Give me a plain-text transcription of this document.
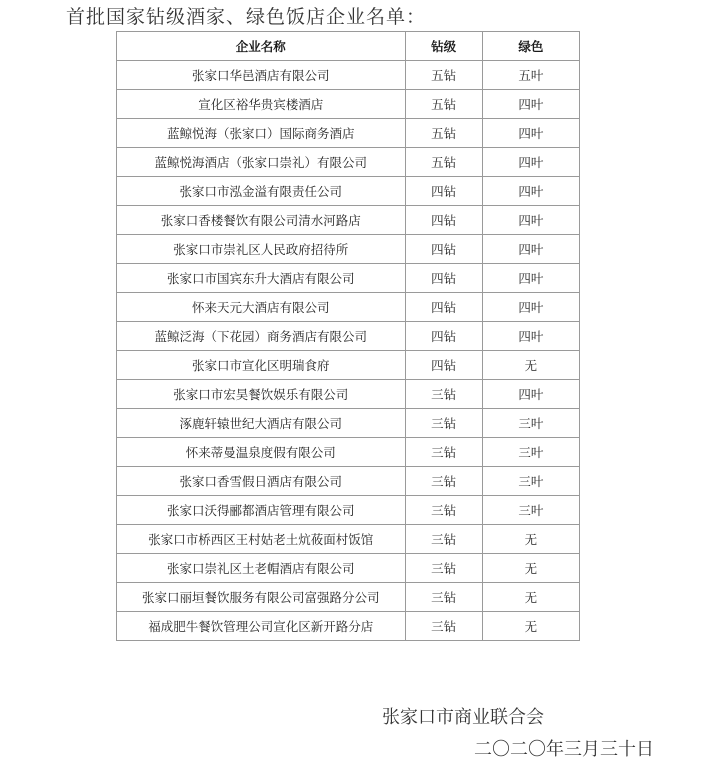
首批国家钻级酒家、绿色饭店企业名单：
企业名称	钻级	绿色
张家口华邑酒店有限公司	五钻	五叶
宣化区裕华贵宾楼酒店	五钻	四叶
蓝鲸悦海（张家口）国际商务酒店	五钻	四叶
蓝鲸悦海酒店（张家口崇礼）有限公司	五钻	四叶
张家口市泓金溢有限责任公司	四钻	四叶
张家口香楼餐饮有限公司清水河路店	四钻	四叶
张家口市崇礼区人民政府招待所	四钻	四叶
张家口市国宾东升大酒店有限公司	四钻	四叶
怀来天元大酒店有限公司	四钻	四叶
蓝鲸泛海（下花园）商务酒店有限公司	四钻	四叶
张家口市宣化区明瑞食府	四钻	无
张家口市宏昊餐饮娱乐有限公司	三钻	四叶
涿鹿轩辕世纪大酒店有限公司	三钻	三叶
怀来蒂曼温泉度假有限公司	三钻	三叶
张家口香雪假日酒店有限公司	三钻	三叶
张家口沃得郦都酒店管理有限公司	三钻	三叶
张家口市桥西区王村姑老土炕莜面村饭馆	三钻	无
张家口崇礼区土老帽酒店有限公司	三钻	无
张家口丽垣餐饮服务有限公司富强路分公司	三钻	无
福成肥牛餐饮管理公司宣化区新开路分店	三钻	无
张家口市商业联合会
二〇二〇年三月三十日
